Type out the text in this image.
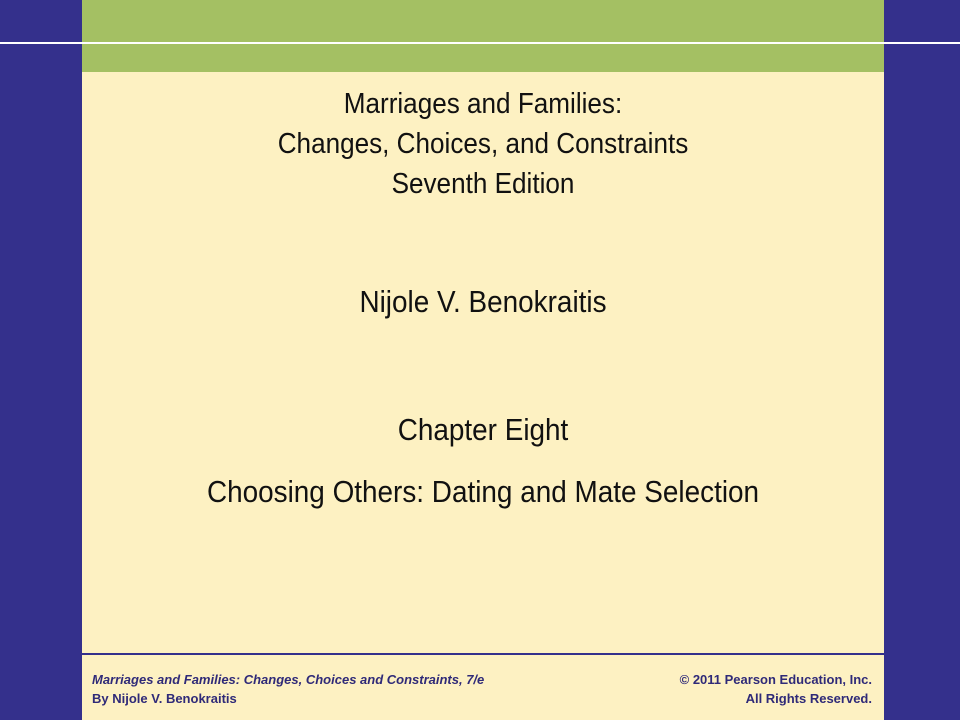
Marriages and Families:
Changes, Choices, and Constraints
Seventh Edition
Nijole V. Benokraitis
Chapter Eight
Choosing Others: Dating and Mate Selection
Marriages and Families: Changes, Choices and Constraints, 7/e
By Nijole V. Benokraitis
© 2011 Pearson Education, Inc.
All Rights Reserved.
